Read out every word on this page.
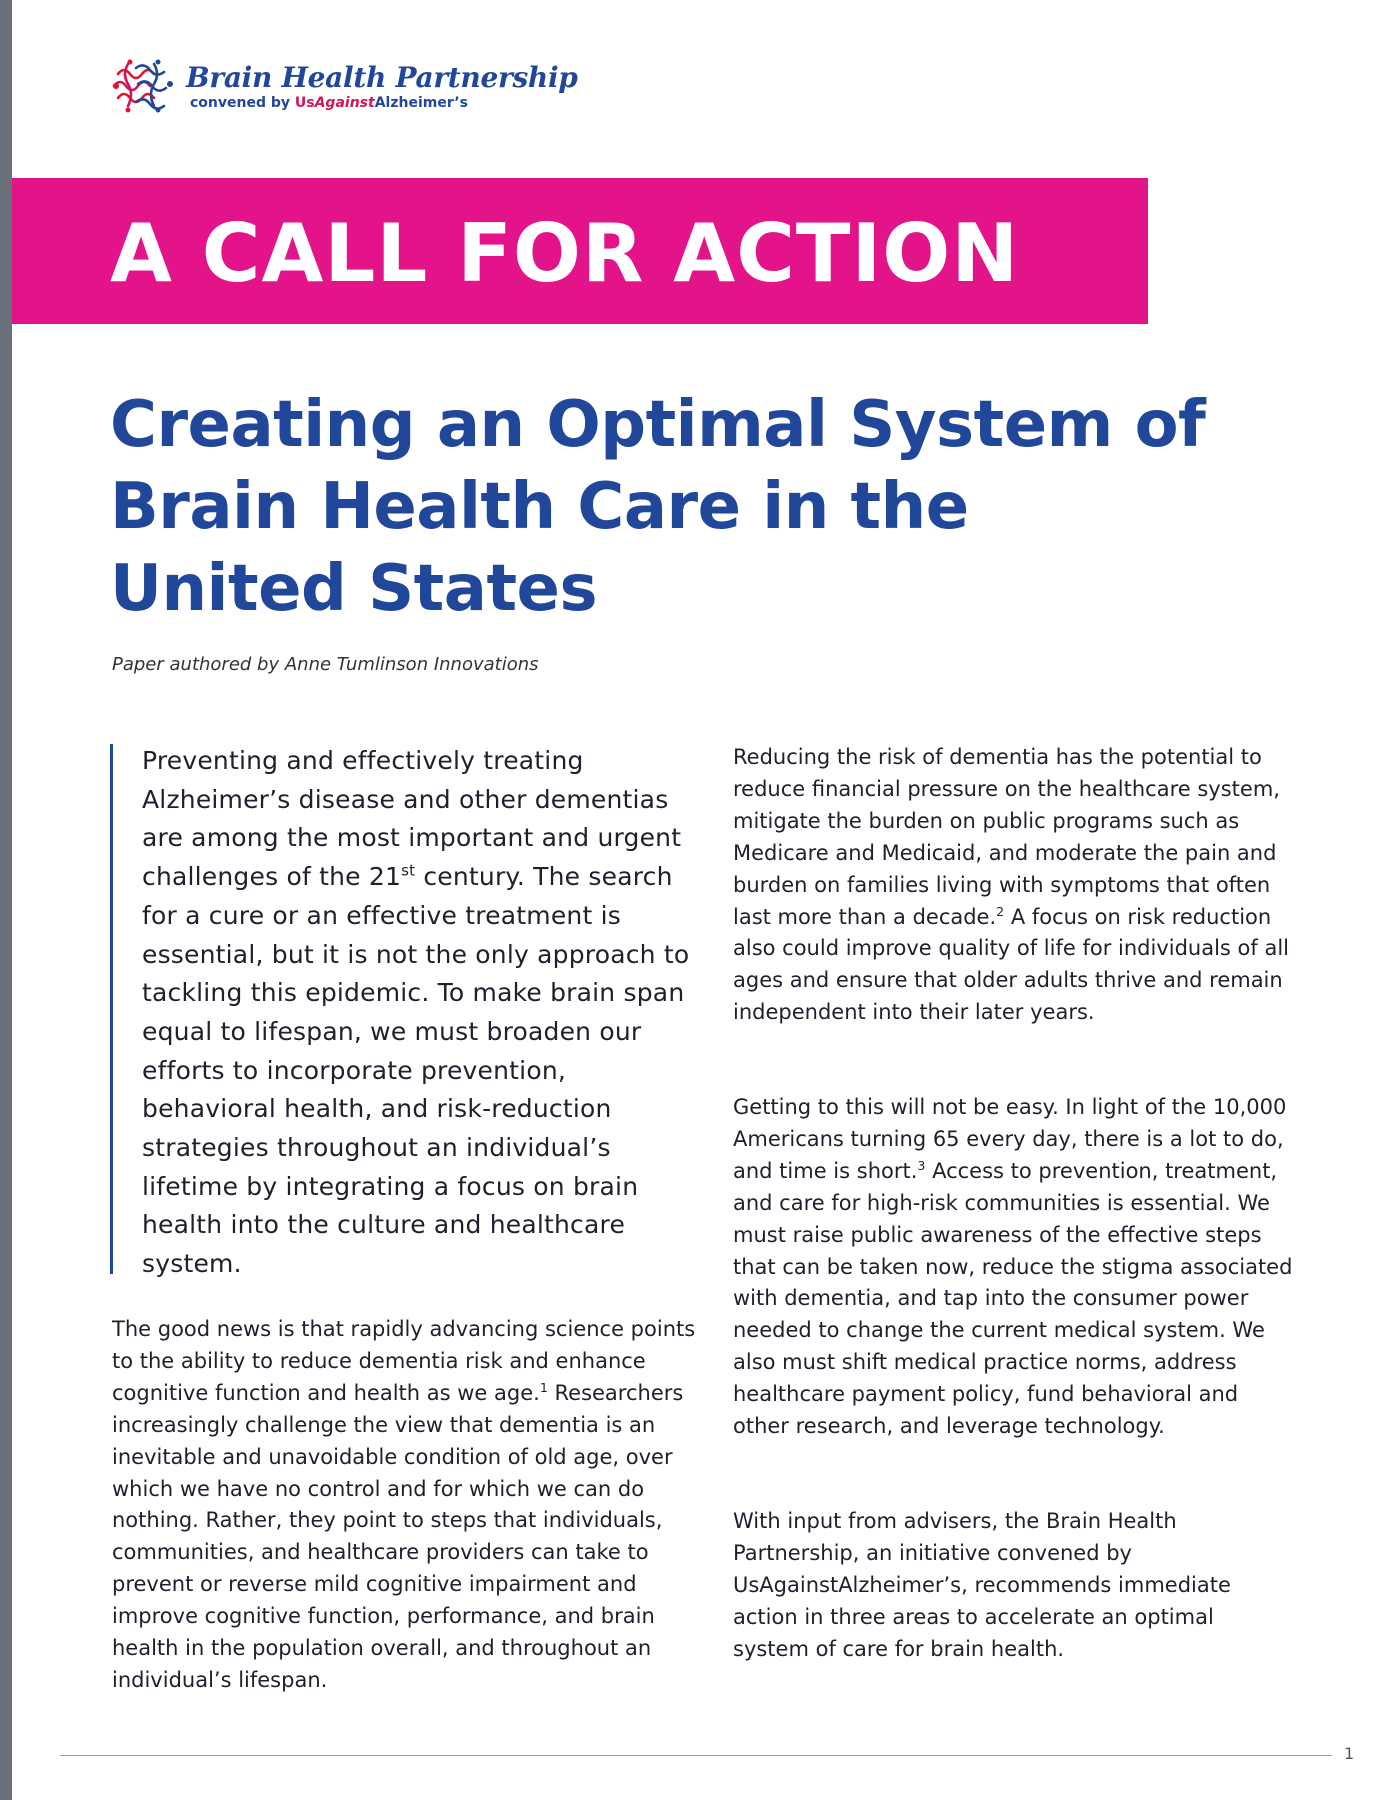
Brain Health Partnership
convened by UsAgainstAlzheimer’s
A CALL FOR ACTION
Creating an Optimal System of Brain Health Care in the United States

Paper authored by Anne Tumlinson Innovations

Preventing and effectively treating Alzheimer’s disease and other dementias are among the most important and urgent challenges of the 21st century. The search for a cure or an effective treatment is essential, but it is not the only approach to tackling this epidemic. To make brain span equal to lifespan, we must broaden our efforts to incorporate prevention, behavioral health, and risk-reduction strategies throughout an individual’s lifetime by integrating a focus on brain health into the culture and healthcare system.

The good news is that rapidly advancing science points to the ability to reduce dementia risk and enhance cognitive function and health as we age.$^1$ Researchers increasingly challenge the view that dementia is an inevitable and unavoidable condition of old age, over which we have no control and for which we can do nothing. Rather, they point to steps that individuals, communities, and healthcare providers can take to prevent or reverse mild cognitive impairment and improve cognitive function, performance, and brain health in the population overall, and throughout an individual’s lifespan.

Reducing the risk of dementia has the potential to reduce financial pressure on the healthcare system, mitigate the burden on public programs such as Medicare and Medicaid, and moderate the pain and burden on families living with symptoms that often last more than a decade.$^2$ A focus on risk reduction also could improve quality of life for individuals of all ages and ensure that older adults thrive and remain independent into their later years.

Getting to this will not be easy. In light of the 10,000 Americans turning 65 every day, there is a lot to do, and time is short.$^3$ Access to prevention, treatment, and care for high-risk communities is essential. We must raise public awareness of the effective steps that can be taken now, reduce the stigma associated with dementia, and tap into the consumer power needed to change the current medical system. We also must shift medical practice norms, address healthcare payment policy, fund behavioral and other research, and leverage technology.

With input from advisers, the Brain Health Partnership, an initiative convened by UsAgainstAlzheimer’s, recommends immediate action in three areas to accelerate an optimal system of care for brain health.

1
